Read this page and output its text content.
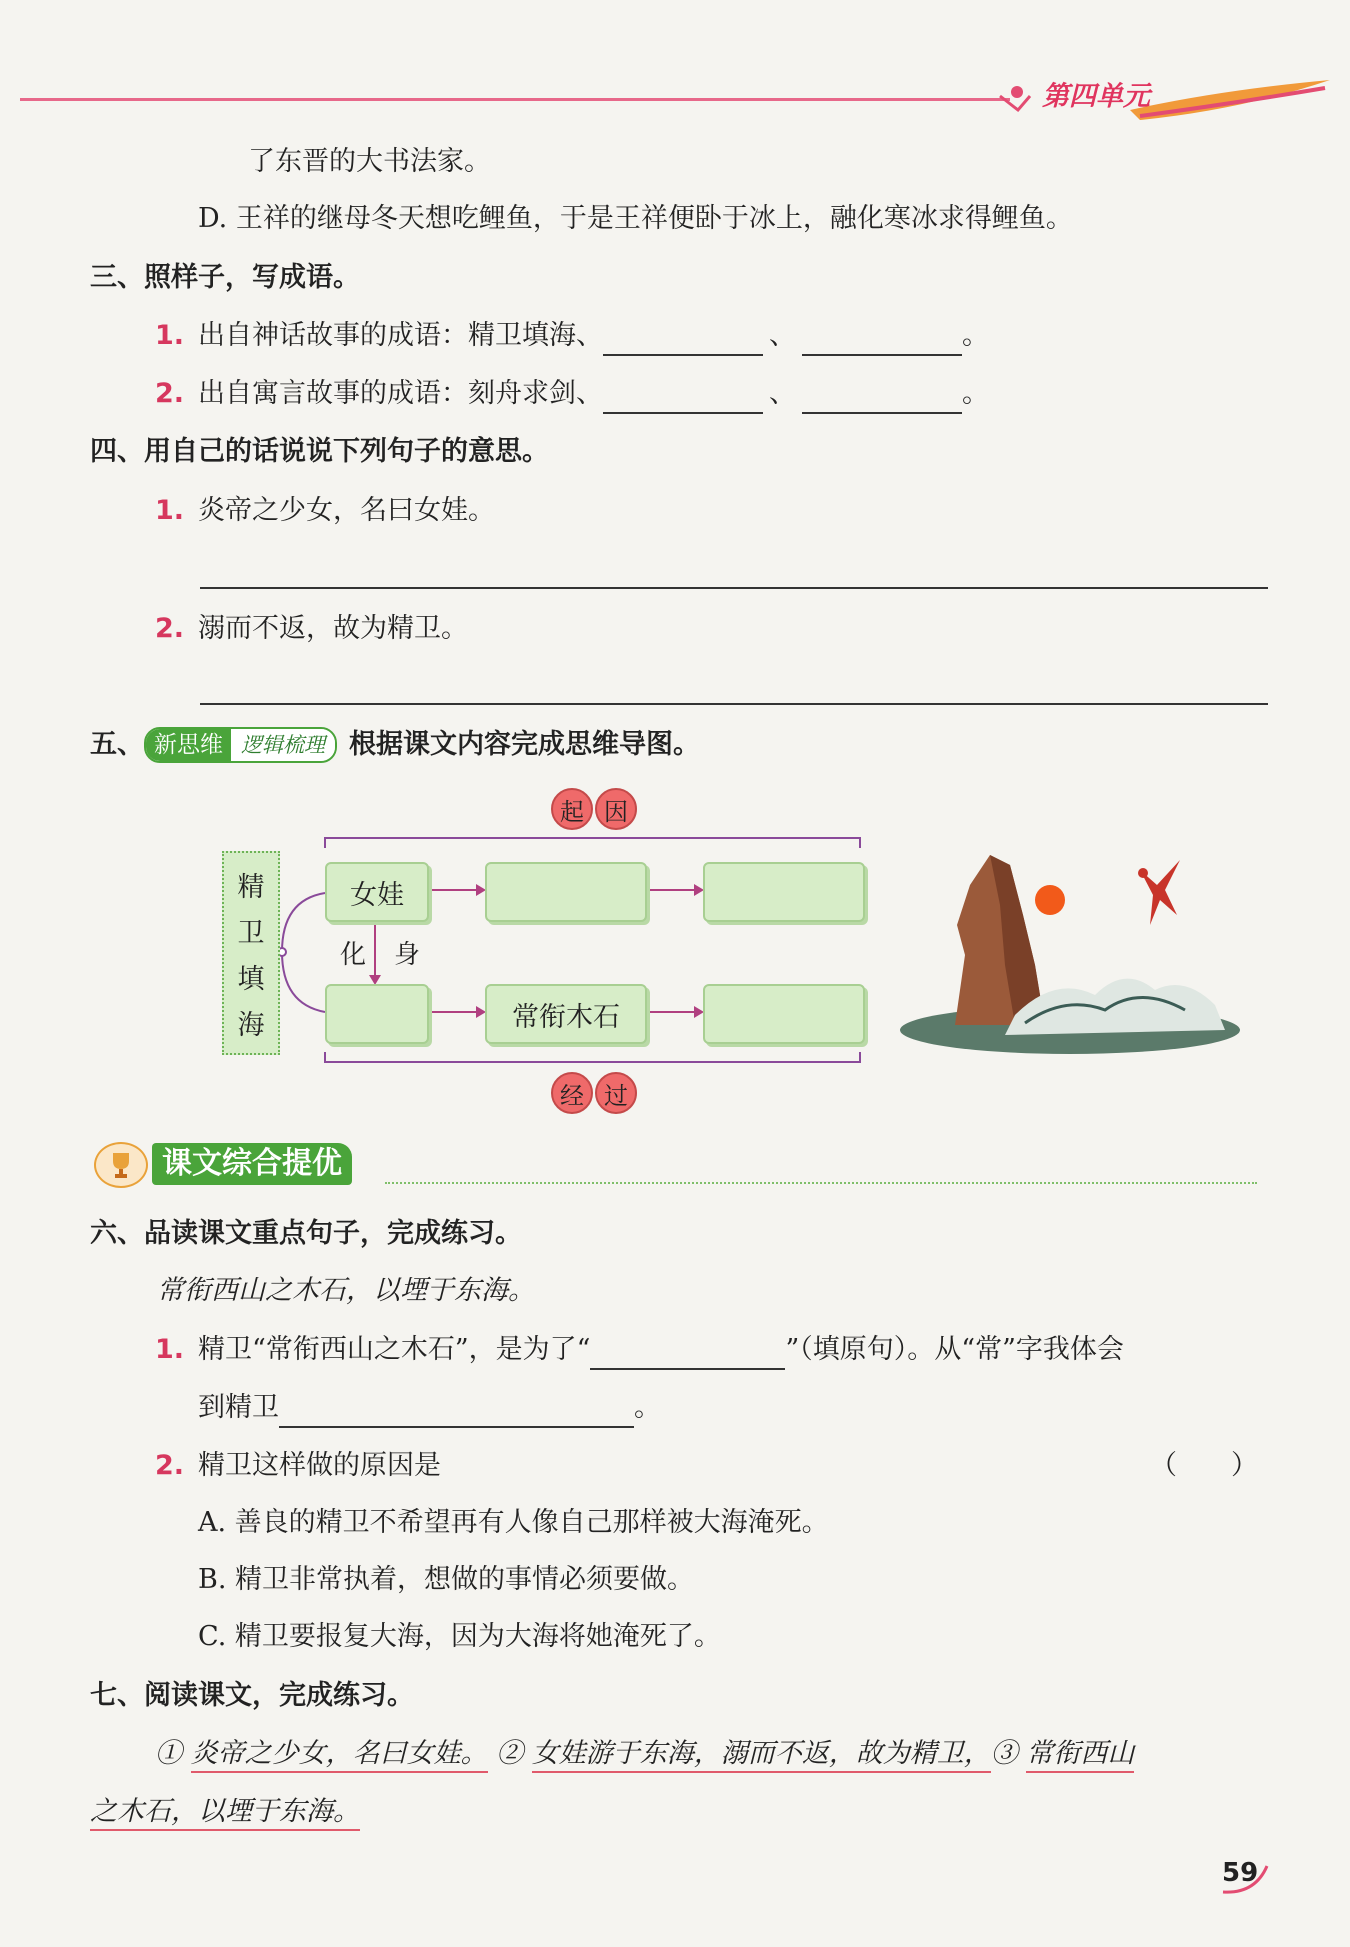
第四单元
了东晋的大书法家。
D. 王祥的继母冬天想吃鲤鱼，于是王祥便卧于冰上，融化寒冰求得鲤鱼。
三、照样子，写成语。
1. 出自神话故事的成语：精卫填海、	、	。
2. 出自寓言故事的成语：刻舟求剑、	、	。
四、用自己的话说说下列句子的意思。
1. 炎帝之少女，名曰女娃。
2. 溺而不返，故为精卫。
五、 新思维 逻辑梳理 根据课文内容完成思维导图。
精
卫
填
海
起 因
经 过
女娃
常衔木石
化 身
课文综合提优
六、品读课文重点句子，完成练习。
常衔西山之木石，以堙于东海。
1. 精卫“常衔西山之木石”，是为了“	”（填原句）。从“常”字我体会
到精卫	。
2. 精卫这样做的原因是	（　　）
A. 善良的精卫不希望再有人像自己那样被大海淹死。
B. 精卫非常执着，想做的事情必须要做。
C. 精卫要报复大海，因为大海将她淹死了。
七、阅读课文，完成练习。
① 炎帝之少女，名曰女娃。 ② 女娃游于东海，溺而不返，故为精卫，③ 常衔西山
之木石，以堙于东海。
59
